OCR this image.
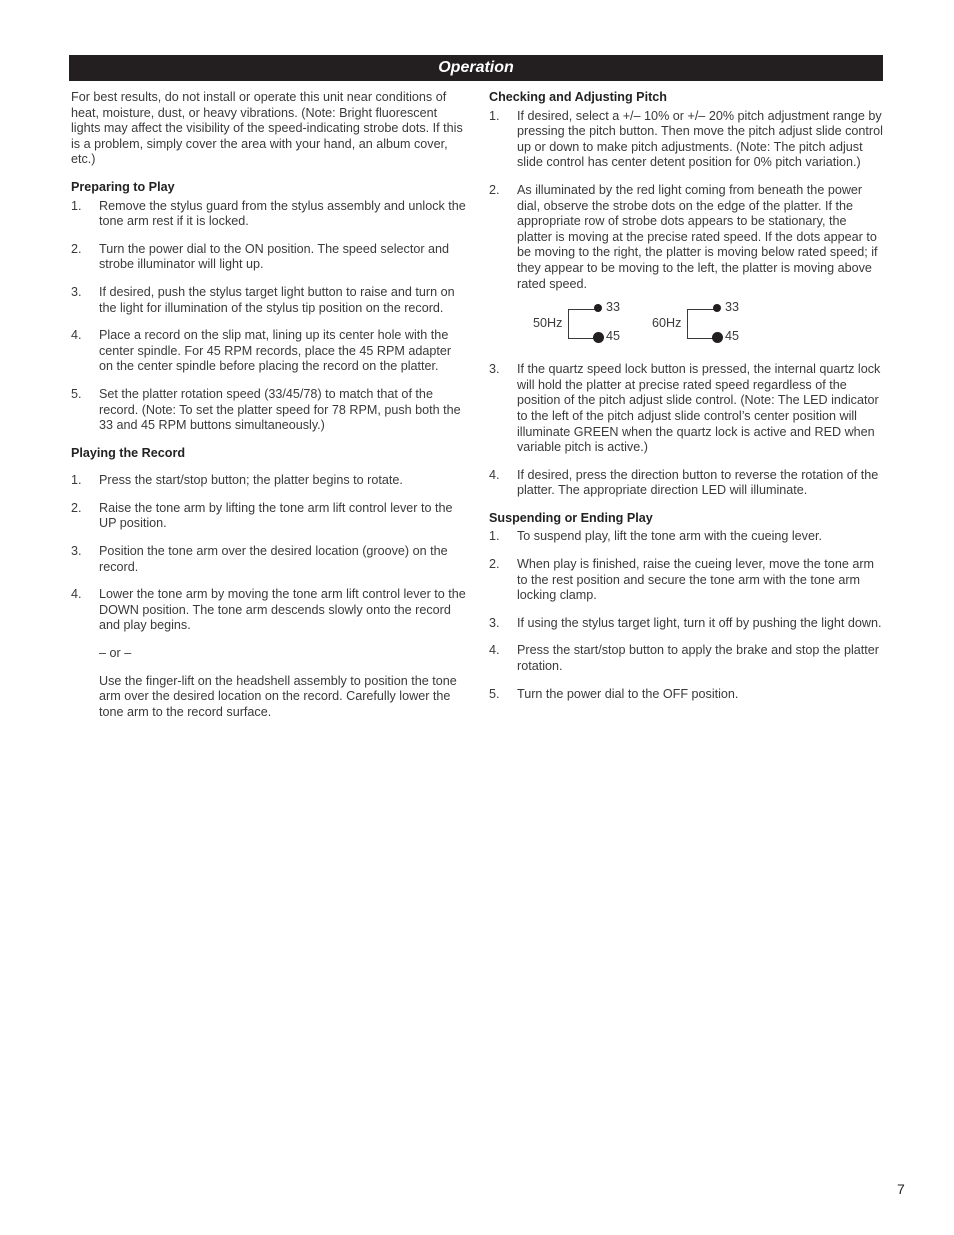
Operation

For best results, do not install or operate this unit near conditions of heat, moisture, dust, or heavy vibrations. (Note: Bright fluorescent lights may affect the visibility of the speed-indicating strobe dots. If this is a problem, simply cover the area with your hand, an album cover, etc.)

Preparing to Play
1. Remove the stylus guard from the stylus assembly and unlock the tone arm rest if it is locked.
2. Turn the power dial to the ON position. The speed selector and strobe illuminator will light up.
3. If desired, push the stylus target light button to raise and turn on the light for illumination of the stylus tip position on the record.
4. Place a record on the slip mat, lining up its center hole with the center spindle. For 45 RPM records, place the 45 RPM adapter on the center spindle before placing the record on the platter.
5. Set the platter rotation speed (33/45/78) to match that of the record. (Note: To set the platter speed for 78 RPM, push both the 33 and 45 RPM buttons simultaneously.)
Playing the Record
1. Press the start/stop button; the platter begins to rotate.
2. Raise the tone arm by lifting the tone arm lift control lever to the UP position.
3. Position the tone arm over the desired location (groove) on the record.
4. Lower the tone arm by moving the tone arm lift control lever to the DOWN position. The tone arm descends slowly onto the record and play begins.

– or –

Use the finger-lift on the headshell assembly to position the tone arm over the desired location on the record. Carefully lower the tone arm to the record surface.

Checking and Adjusting Pitch
1. If desired, select a +/– 10% or +/– 20% pitch adjustment range by pressing the pitch button. Then move the pitch adjust slide control up or down to make pitch adjustments. (Note: The pitch adjust slide control has center detent position for 0% pitch variation.)
2. As illuminated by the red light coming from beneath the power dial, observe the strobe dots on the edge of the platter. If the appropriate row of strobe dots appears to be stationary, the platter is moving at the precise rated speed. If the dots appear to be moving to the right, the platter is moving below rated speed; if they appear to be moving to the left, the platter is moving above rated speed.
50Hz
33
45
60Hz
33
45
3. If the quartz speed lock button is pressed, the internal quartz lock will hold the platter at precise rated speed regardless of the position of the pitch adjust slide control. (Note: The LED indicator to the left of the pitch adjust slide control’s center position will illuminate GREEN when the quartz lock is active and RED when variable pitch is active.)
4. If desired, press the direction button to reverse the rotation of the platter. The appropriate direction LED will illuminate.
Suspending or Ending Play
1. To suspend play, lift the tone arm with the cueing lever.
2. When play is finished, raise the cueing lever, move the tone arm to the rest position and secure the tone arm with the tone arm locking clamp.
3. If using the stylus target light, turn it off by pushing the light down.
4. Press the start/stop button to apply the brake and stop the platter rotation.
5. Turn the power dial to the OFF position.
7
